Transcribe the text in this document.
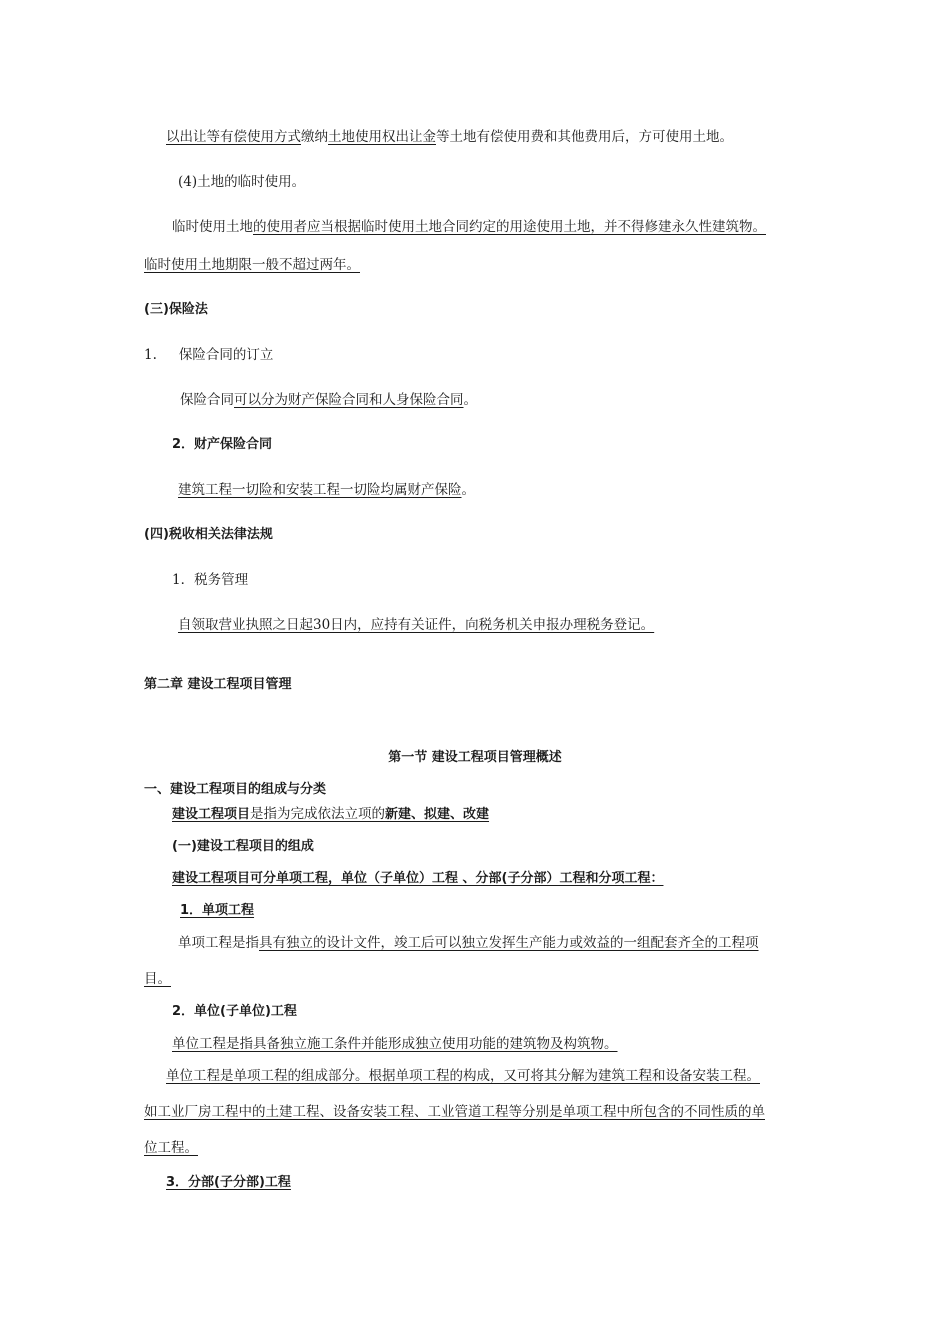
以出让等有偿使用方式缴纳土地使用权出让金等土地有偿使用费和其他费用后，方可使用土地。
(4)土地的临时使用。
临时使用土地的使用者应当根据临时使用土地合同约定的用途使用土地，并不得修建永久性建筑物。
临时使用土地期限一般不超过两年。
(三)保险法
1. 保险合同的订立
保险合同可以分为财产保险合同和人身保险合同。
2．财产保险合同
建筑工程一切险和安装工程一切险均属财产保险。
(四)税收相关法律法规
1．税务管理
自领取营业执照之日起30日内，应持有关证件，向税务机关申报办理税务登记。
第二章 建设工程项目管理
第一节 建设工程项目管理概述
一、建设工程项目的组成与分类
建设工程项目是指为完成依法立项的新建、拟建、改建
(一)建设工程项目的组成
建设工程项目可分单项工程，单位（子单位）工程 、分部(子分部）工程和分项工程：
1．单项工程
单项工程是指具有独立的设计文件，竣工后可以独立发挥生产能力或效益的一组配套齐全的工程项
目。
2．单位(子单位)工程
单位工程是指具备独立施工条件并能形成独立使用功能的建筑物及构筑物。
单位工程是单项工程的组成部分。根据单项工程的构成，又可将其分解为建筑工程和设备安装工程。
如工业厂房工程中的土建工程、设备安装工程、工业管道工程等分别是单项工程中所包含的不同性质的单
位工程。
3．分部(子分部)工程
